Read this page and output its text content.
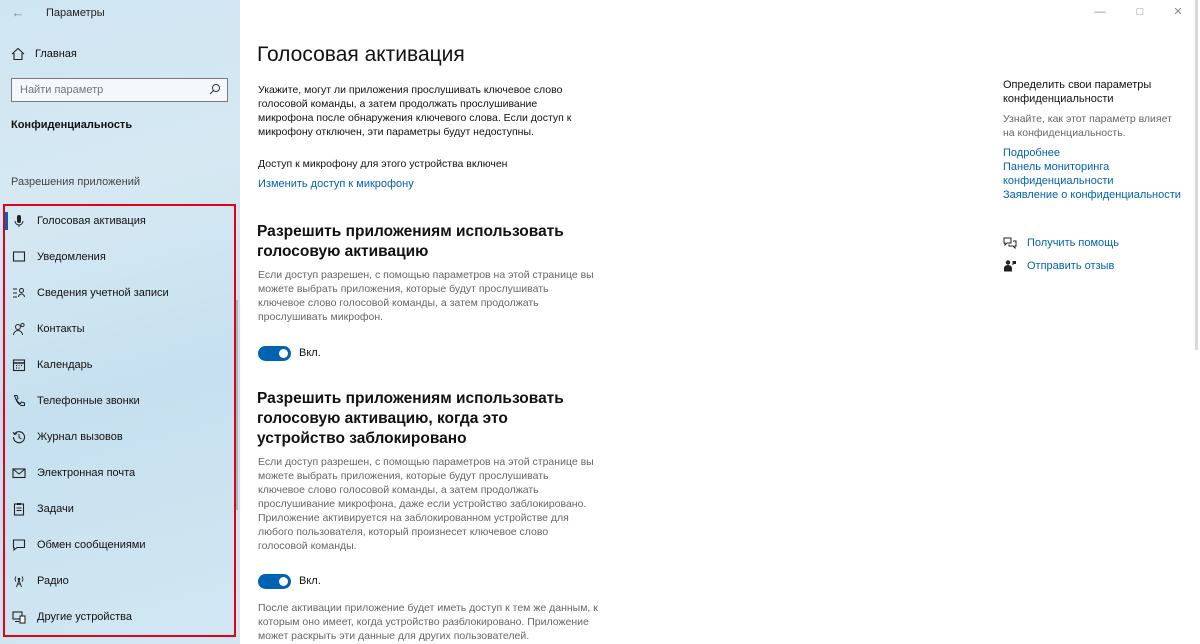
←	Параметры
Главная
Найти параметр
Конфиденциальность
Разрешения приложений
Голосовая активация
Уведомления
Сведения учетной записи
Контакты
Календарь
Телефонные звонки
Журнал вызовов
Электронная почта
Задачи
Обмен сообщениями
Радио
Другие устройства
—	□	✕
Голосовая активация

Укажите, могут ли приложения прослушивать ключевое слово голосовой команды, а затем продолжать прослушивание микрофона после обнаружения ключевого слова. Если доступ к микрофону отключен, эти параметры будут недоступны.

Доступ к микрофону для этого устройства включен

Изменить доступ к микрофону
Разрешить приложениям использовать голосовую активацию

Если доступ разрешен, с помощью параметров на этой странице вы можете выбрать приложения, которые будут прослушивать ключевое слово голосовой команды, а затем продолжать прослушивать микрофон.

Вкл.
Разрешить приложениям использовать голосовую активацию, когда это устройство заблокировано

Если доступ разрешен, с помощью параметров на этой странице вы можете выбрать приложения, которые будут прослушивать ключевое слово голосовой команды, а затем продолжать прослушивание микрофона, даже если устройство заблокировано. Приложение активируется на заблокированном устройстве для любого пользователя, который произнесет ключевое слово голосовой команды.

Вкл.

После активации приложение будет иметь доступ к тем же данным, к которым оно имеет, когда устройство разблокировано. Приложение может раскрыть эти данные для других пользователей.

Определить свои параметры конфиденциальности
Узнайте, как этот параметр влияет на конфиденциальность.
Подробнее
Панель мониторинга конфиденциальности
Заявление о конфиденциальности
Получить помощь
Отправить отзыв
